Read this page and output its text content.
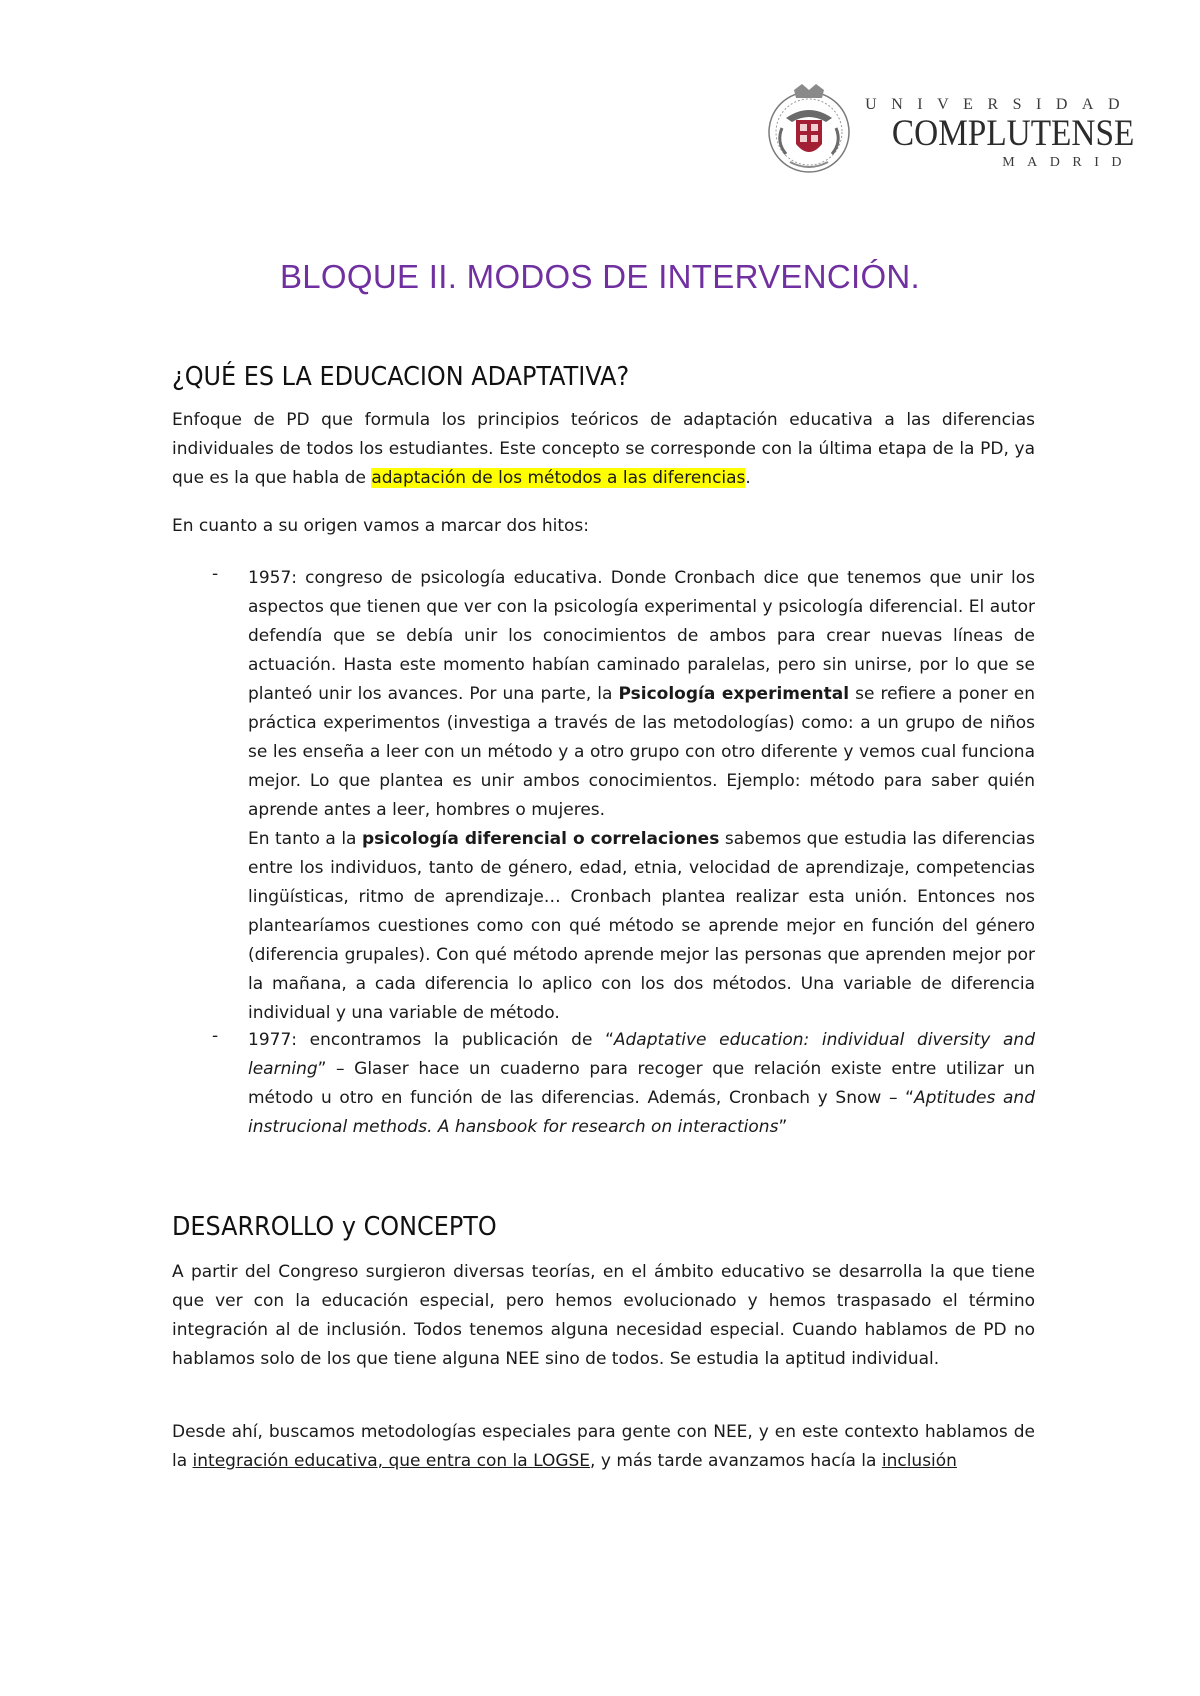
UNIVERSIDAD
COMPLUTENSE
MADRID
BLOQUE II. MODOS DE INTERVENCIÓN.
¿QUÉ ES LA EDUCACION ADAPTATIVA?
Enfoque de PD que formula los principios teóricos de adaptación educativa a las diferencias individuales de todos los estudiantes. Este concepto se corresponde con la última etapa de la PD, ya que es la que habla de adaptación de los métodos a las diferencias.
En cuanto a su origen vamos a marcar dos hitos:
- 1957: congreso de psicología educativa. Donde Cronbach dice que tenemos que unir los aspectos que tienen que ver con la psicología experimental y psicología diferencial. El autor defendía que se debía unir los conocimientos de ambos para crear nuevas líneas de actuación. Hasta este momento habían caminado paralelas, pero sin unirse, por lo que se planteó unir los avances. Por una parte, la Psicología experimental se refiere a poner en práctica experimentos (investiga a través de las metodologías) como: a un grupo de niños se les enseña a leer con un método y a otro grupo con otro diferente y vemos cual funciona mejor. Lo que plantea es unir ambos conocimientos. Ejemplo: método para saber quién aprende antes a leer, hombres o mujeres.
En tanto a la psicología diferencial o correlaciones sabemos que estudia las diferencias entre los individuos, tanto de género, edad, etnia, velocidad de aprendizaje, competencias lingüísticas, ritmo de aprendizaje… Cronbach plantea realizar esta unión. Entonces nos plantearíamos cuestiones como con qué método se aprende mejor en función del género (diferencia grupales). Con qué método aprende mejor las personas que aprenden mejor por la mañana, a cada diferencia lo aplico con los dos métodos. Una variable de diferencia individual y una variable de método.
- 1977: encontramos la publicación de “Adaptative education: individual diversity and learning” – Glaser hace un cuaderno para recoger que relación existe entre utilizar un método u otro en función de las diferencias. Además, Cronbach y Snow – “Aptitudes and instrucional methods. A hansbook for research on interactions”
DESARROLLO y CONCEPTO
A partir del Congreso surgieron diversas teorías, en el ámbito educativo se desarrolla la que tiene que ver con la educación especial, pero hemos evolucionado y hemos traspasado el término integración al de inclusión. Todos tenemos alguna necesidad especial. Cuando hablamos de PD no hablamos solo de los que tiene alguna NEE sino de todos. Se estudia la aptitud individual.
Desde ahí, buscamos metodologías especiales para gente con NEE, y en este contexto hablamos de la integración educativa, que entra con la LOGSE, y más tarde avanzamos hacía la inclusión
